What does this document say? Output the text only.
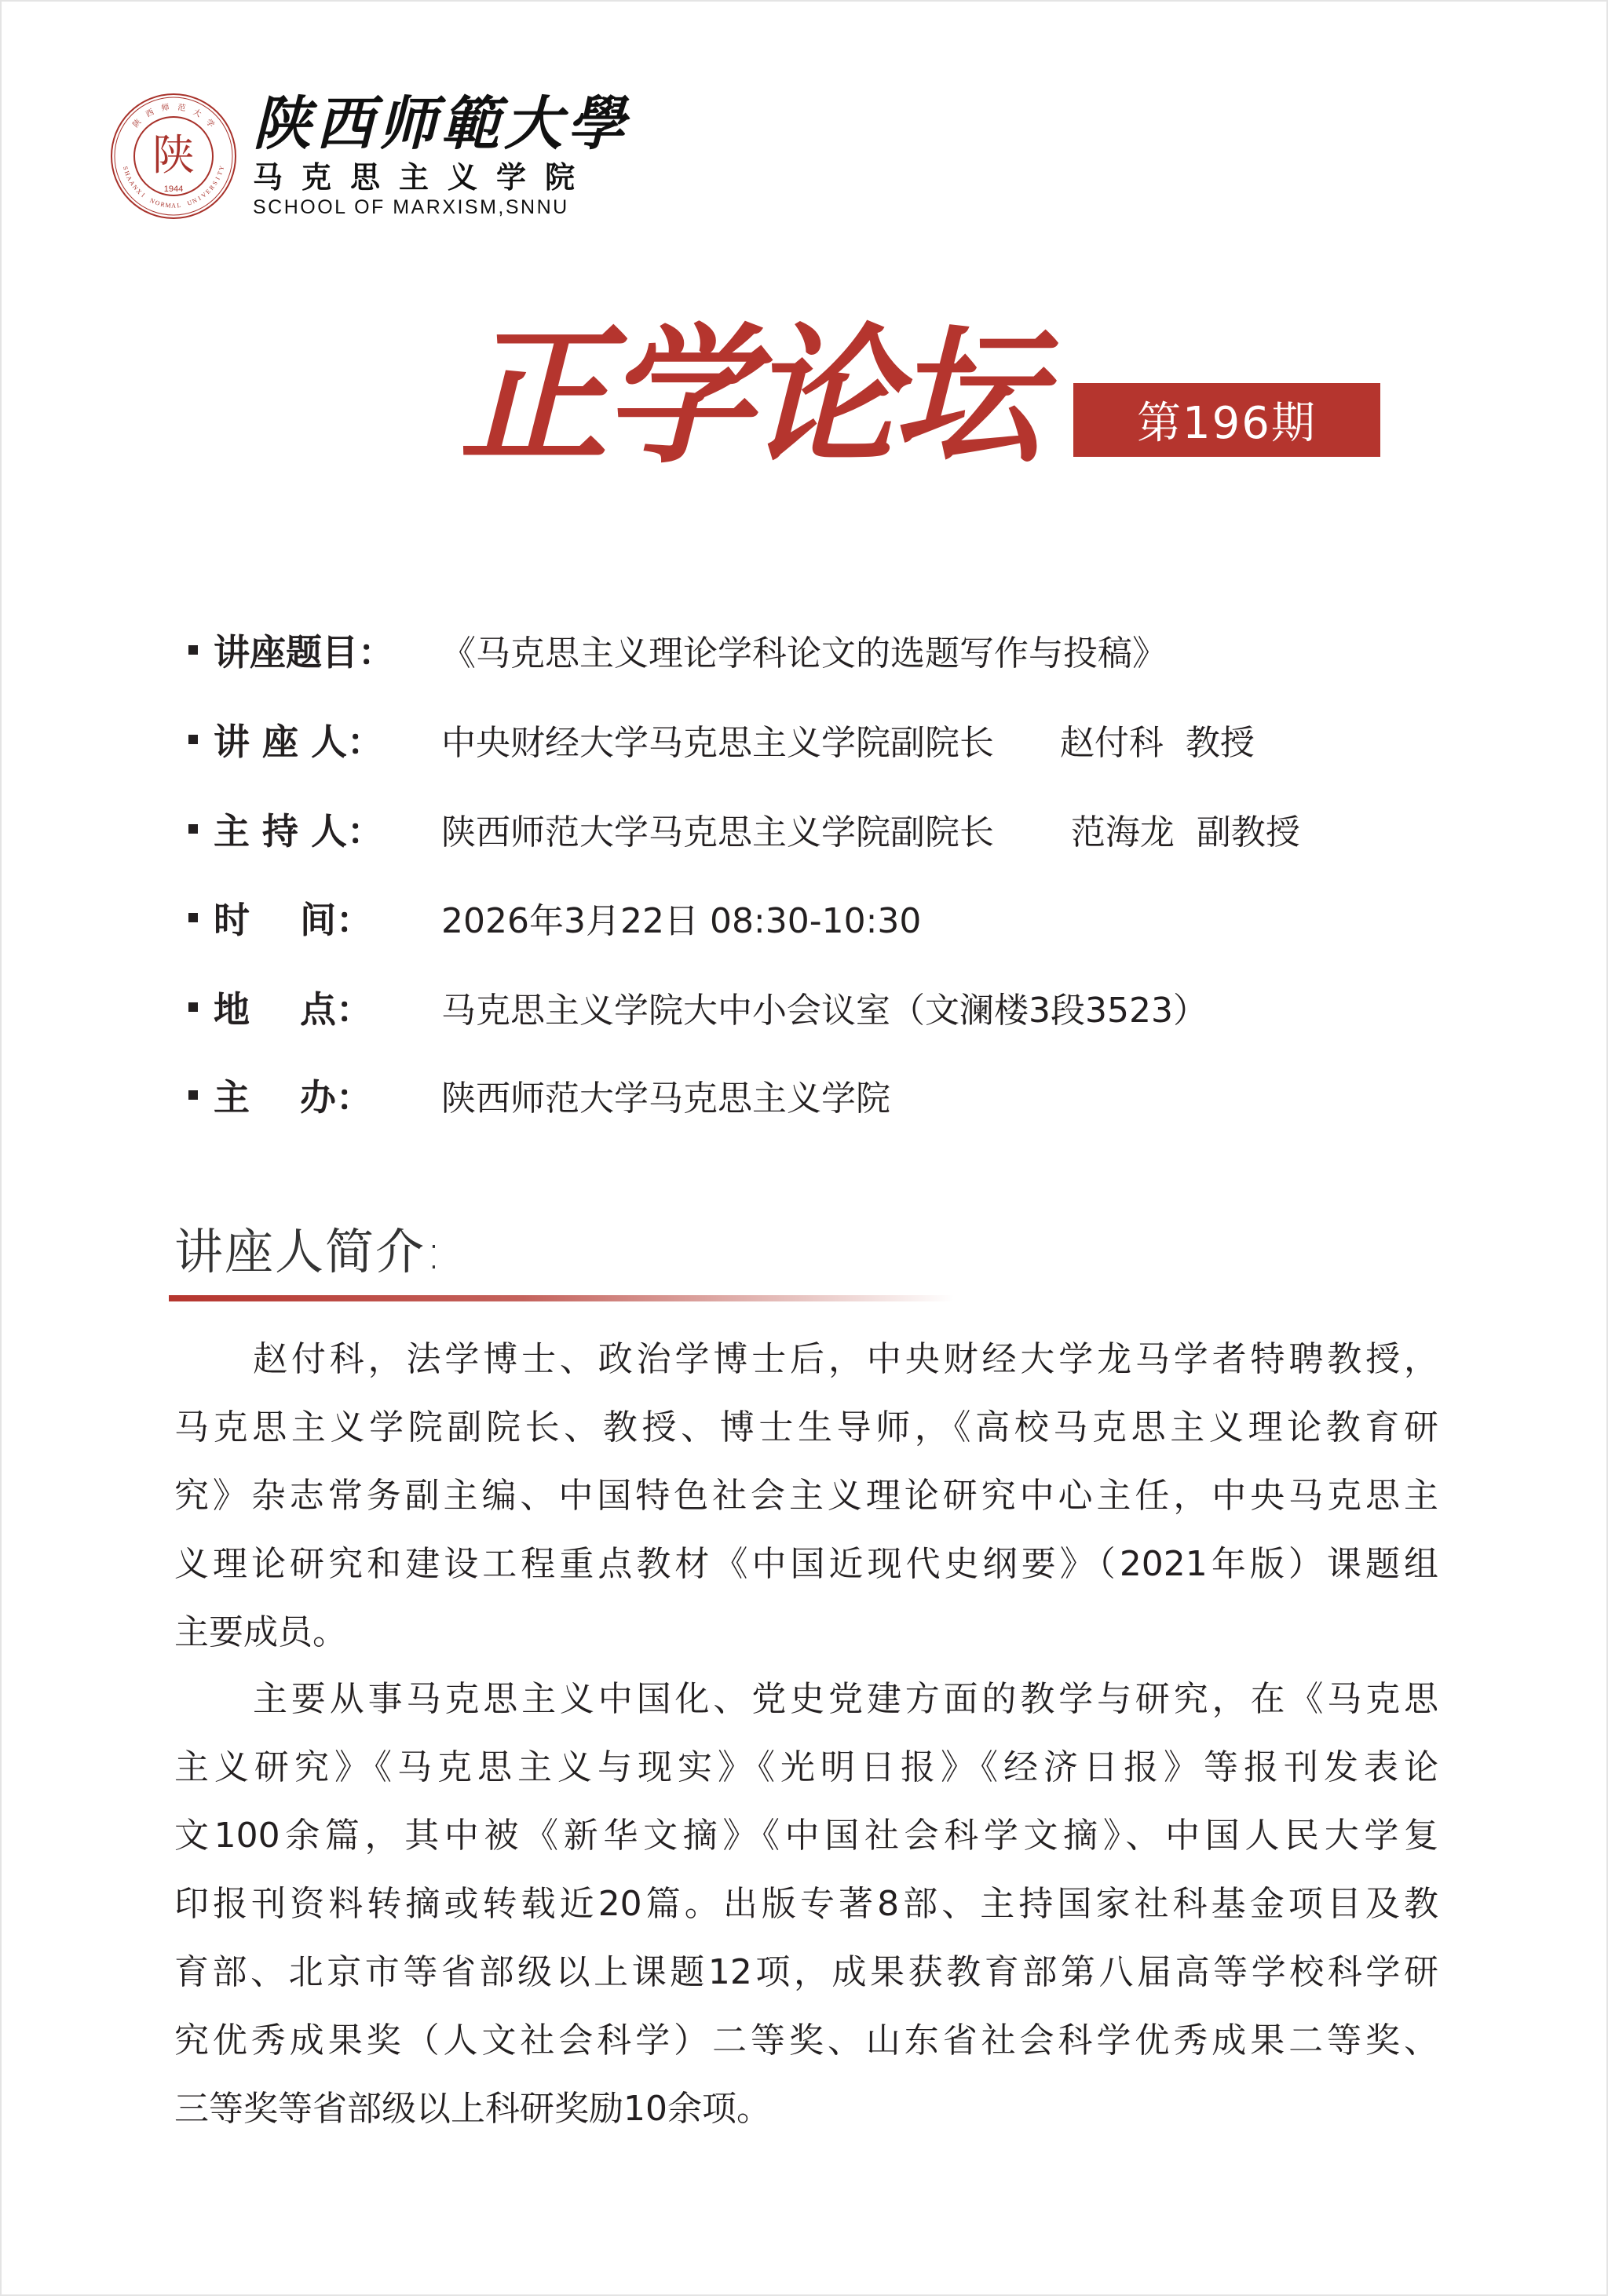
陕
1944
S
H
A
A
N
X
I
N
O
R M A L U
N
I
V
E
R
S
I
T
Y
陕
西 师 范 大
学 陕西师範大學
马克思主义学院
SCHOOL OF MARXISM,SNNU
正学论坛	第196期
讲座题目：	《马克思主义理论学科论文的选题写作与投稿》
讲 座 人：	中央财经大学马克思主义学院副院长      赵付科  教授
主 持 人：	陕西师范大学马克思主义学院副院长       范海龙  副教授
时    间：	2026年3月22日 08:30-10:30
地    点：	马克思主义学院大中小会议室（文澜楼3段3523）
主    办：	陕西师范大学马克思主义学院
讲座人简介:
赵付科，法学博士、政治学博士后，中央财经大学龙马学者特聘教授，
马克思主义学院副院长、教授、博士生导师，《高校马克思主义理论教育研
究》杂志常务副主编、中国特色社会主义理论研究中心主任，中央马克思主
义理论研究和建设工程重点教材《中国近现代史纲要》（2021年版）课题组
主要成员。
主要从事马克思主义中国化、党史党建方面的教学与研究，在《马克思
主义研究》《马克思主义与现实》《光明日报》《经济日报》等报刊发表论
文100余篇，其中被《新华文摘》《中国社会科学文摘》、中国人民大学复
印报刊资料转摘或转载近20篇。出版专著8部、主持国家社科基金项目及教
育部、北京市等省部级以上课题12项，成果获教育部第八届高等学校科学研
究优秀成果奖（人文社会科学）二等奖、山东省社会科学优秀成果二等奖、
三等奖等省部级以上科研奖励10余项。
